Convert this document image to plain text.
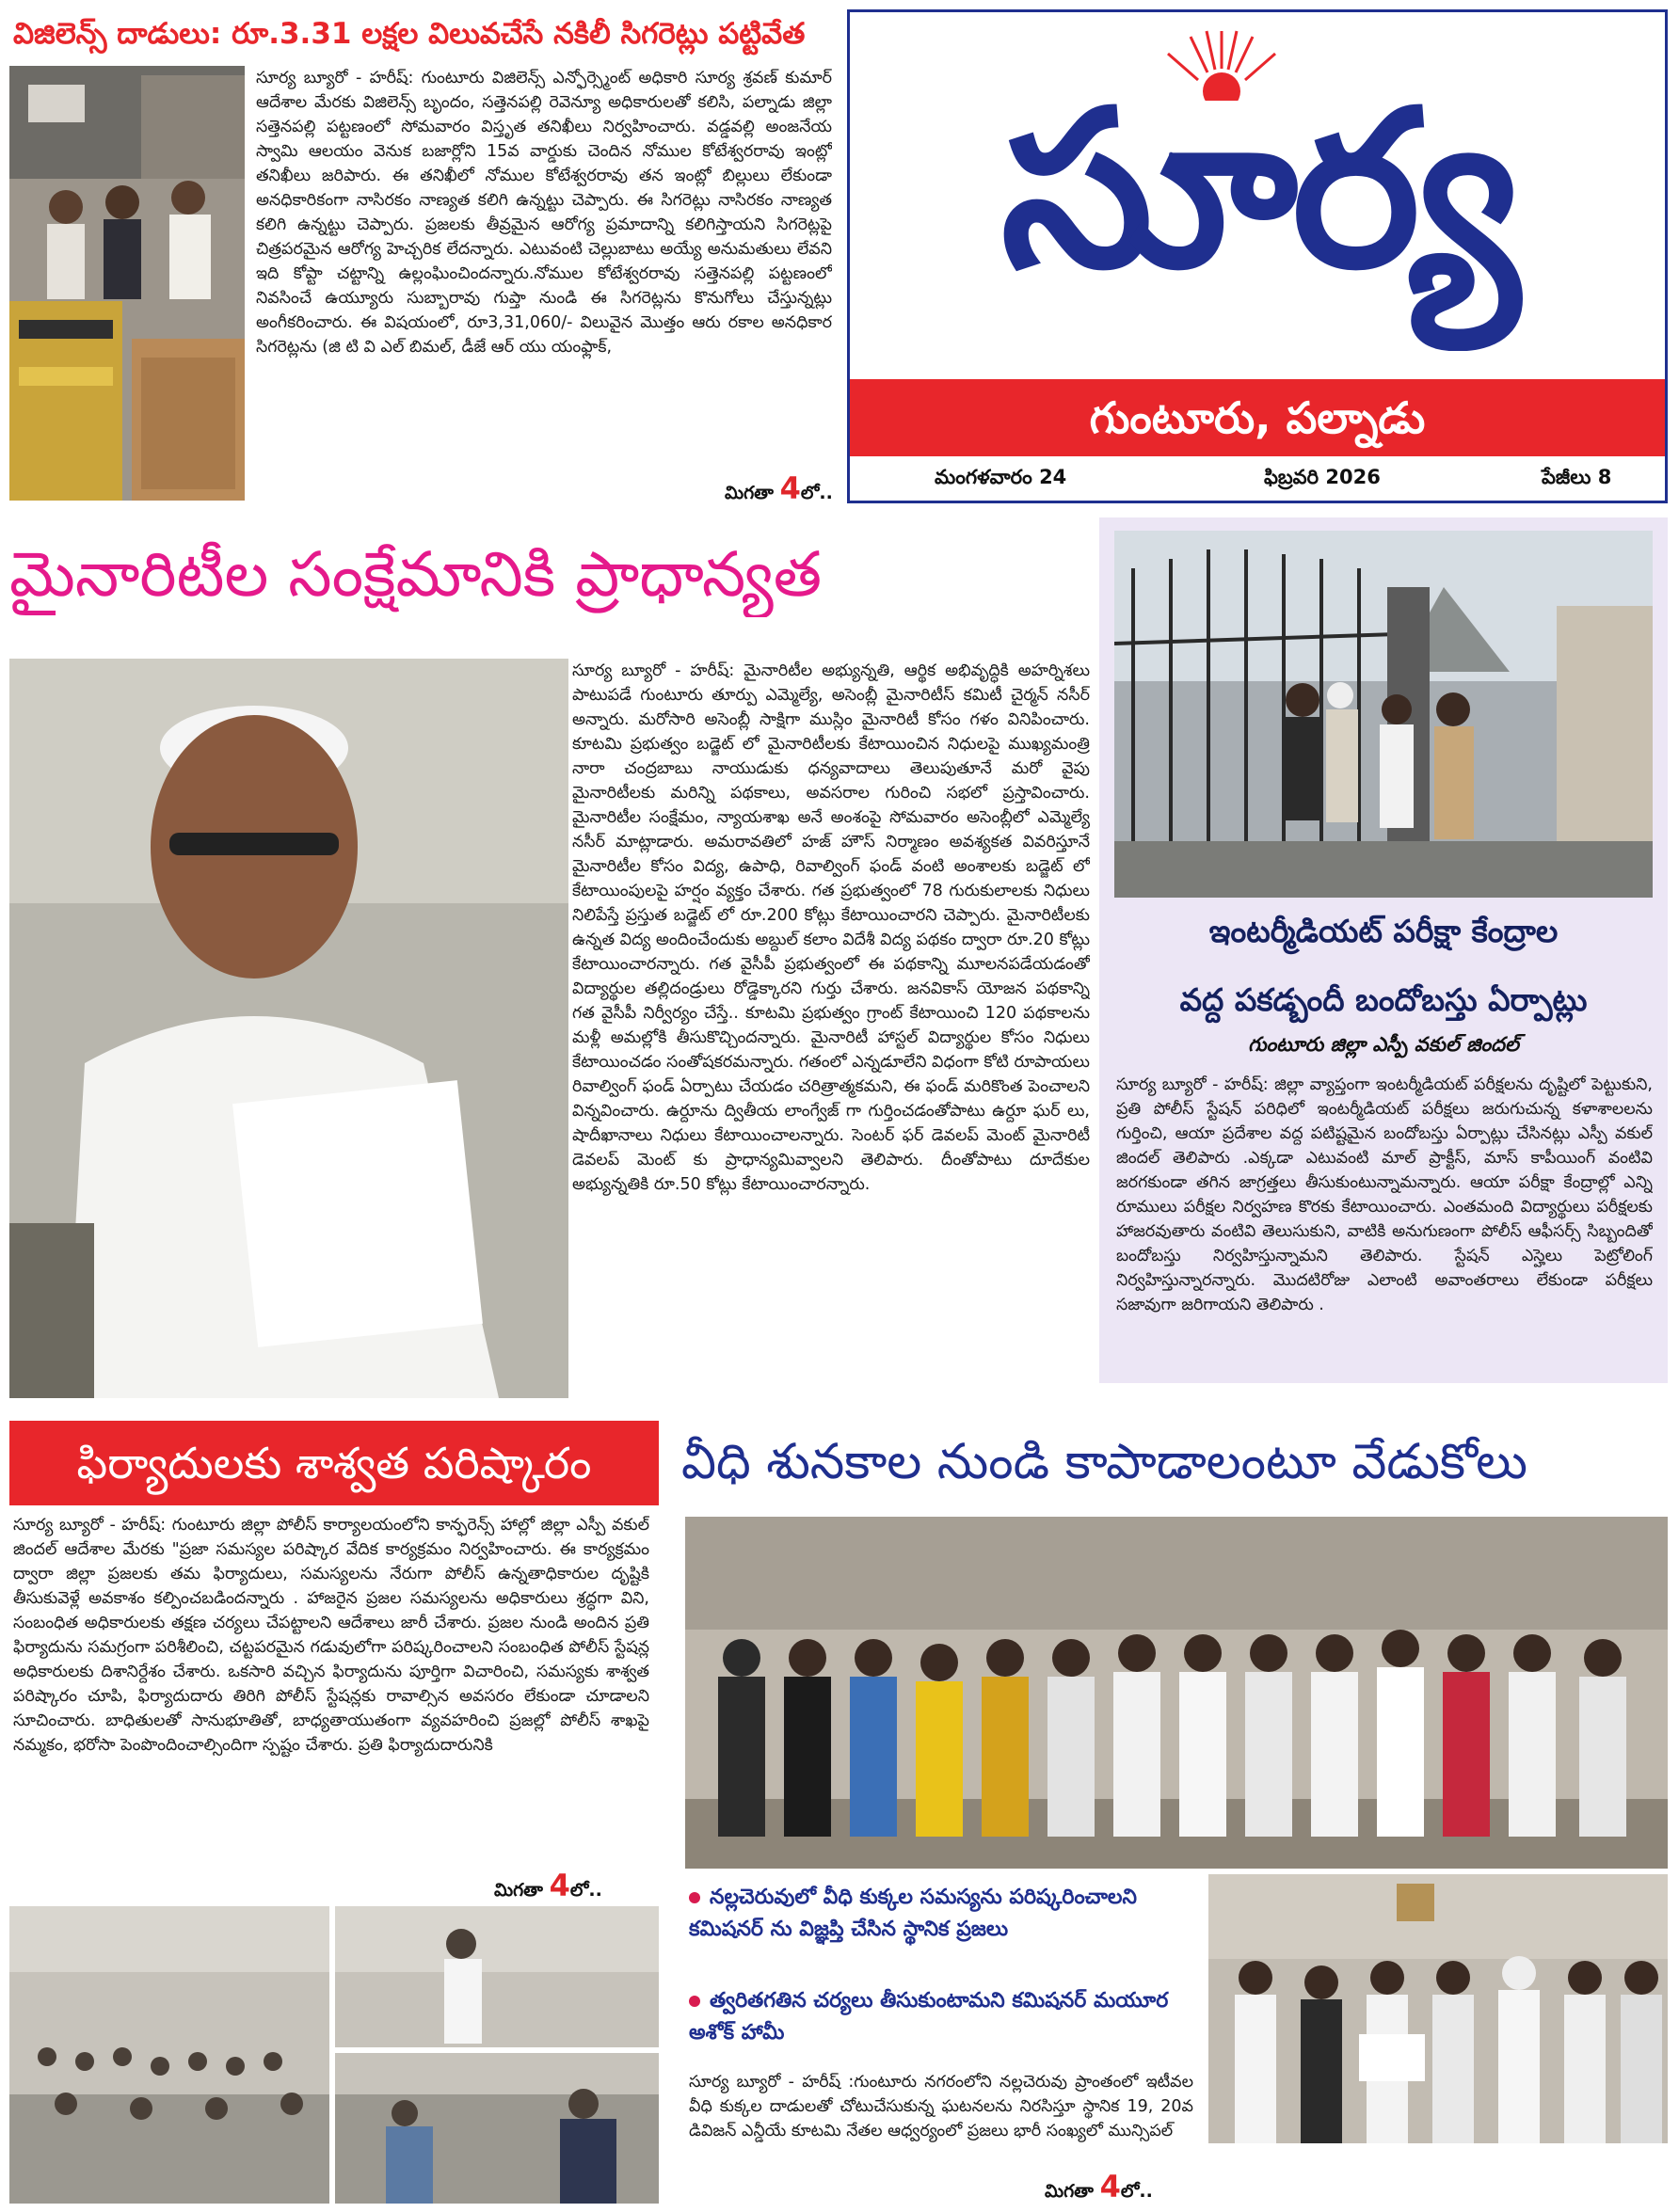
విజిలెన్స్ దాడులు: రూ.3.31 లక్షల విలువచేసే నకిలీ సిగరెట్లు పట్టివేత
సూర్య బ్యూరో - హరీష్: గుంటూరు విజిలెన్స్ ఎన్ఫోర్స్మెంట్ అధికారి సూర్య శ్రవణ్ కుమార్ ఆదేశాల మేరకు విజిలెన్స్ బృందం, సత్తెనపల్లి రెవెన్యూ అధికారులతో కలిసి, పల్నాడు జిల్లా సత్తెనపల్లి పట్టణంలో సోమవారం విస్తృత తనిఖీలు నిర్వహించారు. వడ్డవల్లి అంజనేయ స్వామి ఆలయం వెనుక బజార్లోని 15వ వార్డుకు చెందిన నోముల కోటేశ్వరరావు ఇంట్లో తనిఖీలు జరిపారు. ఈ తనిఖీలో నోముల కోటేశ్వరరావు తన ఇంట్లో బిల్లులు లేకుండా అనధికారికంగా నాసిరకం నాణ్యత కలిగి ఉన్నట్టు చెప్పారు. ఈ సిగరెట్లు నాసిరకం నాణ్యత కలిగి ఉన్నట్టు చెప్పారు. ప్రజలకు తీవ్రమైన ఆరోగ్య ప్రమాదాన్ని కలిగిస్తాయని సిగరెట్లపై చిత్రపరమైన ఆరోగ్య హెచ్చరిక లేదన్నారు. ఎటువంటి చెల్లుబాటు అయ్యే అనుమతులు లేవని ఇది కోప్టా చట్టాన్ని ఉల్లంఘించిందన్నారు.నోముల కోటేశ్వరరావు సత్తెనపల్లి పట్టణంలో నివసించే ఉయ్యూరు సుబ్బారావు గుప్తా నుండి ఈ సిగరెట్లను కొనుగోలు చేస్తున్నట్లు అంగీకరించారు. ఈ విషయంలో, రూ3,31,060/- విలువైన మొత్తం ఆరు రకాల అనధికార సిగరెట్లను (జి టి వి ఎల్ బిమల్, డీజే ఆర్ యు యంఫ్లాక్,
మిగతా 4లో..
సూర్య
గుంటూరు, పల్నాడు
మంగళవారం 24	ఫిబ్రవరి 2026	పేజీలు 8
మైనారిటీల సంక్షేమానికి ప్రాధాన్యత
సూర్య బ్యూరో - హరీష్: మైనారిటీల అభ్యున్నతి, ఆర్థిక అభివృద్ధికి అహర్నిశలు పాటుపడే గుంటూరు తూర్పు ఎమ్మెల్యే, అసెంబ్లీ మైనారిటీస్ కమిటీ చైర్మన్ నసీర్ అన్నారు. మరోసారి అసెంబ్లీ సాక్షిగా ముస్లిం మైనారిటీ కోసం గళం వినిపించారు. కూటమి ప్రభుత్వం బడ్జెట్ లో మైనారిటీలకు కేటాయించిన నిధులపై ముఖ్యమంత్రి నారా చంద్రబాబు నాయుడుకు ధన్యవాదాలు తెలుపుతూనే మరో వైపు మైనారిటీలకు మరిన్ని పథకాలు, అవసరాల గురించి సభలో ప్రస్తావించారు. మైనారిటీల సంక్షేమం, న్యాయశాఖ అనే అంశంపై సోమవారం అసెంబ్లీలో ఎమ్మెల్యే నసీర్ మాట్లాడారు. అమరావతిలో హజ్ హౌస్ నిర్మాణం అవశ్యకత వివరిస్తూనే మైనారిటీల కోసం విద్య, ఉపాధి, రివాల్వింగ్ ఫండ్ వంటి అంశాలకు బడ్జెట్ లో కేటాయింపులపై హర్షం వ్యక్తం చేశారు. గత ప్రభుత్వంలో 78 గురుకులాలకు నిధులు నిలిపేస్తే ప్రస్తుత బడ్జెట్ లో రూ.200 కోట్లు కేటాయించారని చెప్పారు. మైనారిటీలకు ఉన్నత విద్య అందించేందుకు అబ్దుల్ కలాం విదేశీ విద్య పథకం ద్వారా రూ.20 కోట్లు కేటాయించారన్నారు. గత వైసీపీ ప్రభుత్వంలో ఈ పథకాన్ని మూలనపడేయడంతో విద్యార్థుల తల్లిదండ్రులు రోడ్డెక్కారని గుర్తు చేశారు. జనవికాస్ యోజన పథకాన్ని గత వైసీపీ నిర్వీర్యం చేస్తే.. కూటమి ప్రభుత్వం గ్రాంట్ కేటాయించి 120 పథకాలను మళ్లీ అమల్లోకి తీసుకొచ్చిందన్నారు. మైనారిటీ హాస్టల్ విద్యార్థుల కోసం నిధులు కేటాయించడం సంతోషకరమన్నారు. గతంలో ఎన్నడూలేని విధంగా కోటి రూపాయలు రివాల్వింగ్ ఫండ్ ఏర్పాటు చేయడం చరిత్రాత్మకమని, ఈ ఫండ్ మరికొంత పెంచాలని విన్నవించారు. ఉర్దూను ద్వితీయ లాంగ్వేజ్ గా గుర్తించడంతోపాటు ఉర్దూ ఘర్ లు, షాదీఖానాలు నిధులు కేటాయించాలన్నారు. సెంటర్ ఫర్ డెవలప్ మెంట్ మైనారిటీ డెవలప్ మెంట్ కు ప్రాధాన్యమివ్వాలని తెలిపారు. దీంతోపాటు దూదేకుల అభ్యున్నతికి రూ.50 కోట్లు కేటాయించారన్నారు.
ఇంటర్మీడియట్ పరీక్షా కేంద్రాల
వద్ద పకడ్బందీ బందోబస్తు ఏర్పాట్లు
గుంటూరు జిల్లా ఎస్పీ వకుల్ జిందల్
సూర్య బ్యూరో - హరీష్: జిల్లా వ్యాప్తంగా ఇంటర్మీడియట్ పరీక్షలను దృష్టిలో పెట్టుకుని, ప్రతి పోలీస్ స్టేషన్ పరిధిలో ఇంటర్మీడియట్ పరీక్షలు జరుగుచున్న కళాశాలలను గుర్తించి, ఆయా ప్రదేశాల వద్ద పటిష్టమైన బందోబస్తు ఏర్పాట్లు చేసినట్లు ఎస్పీ వకుల్ జిందల్ తెలిపారు .ఎక్కడా ఎటువంటి మాల్ ప్రాక్టీస్, మాస్ కాపీయింగ్ వంటివి జరగకుండా తగిన జాగ్రత్తలు తీసుకుంటున్నామన్నారు. ఆయా పరీక్షా కేంద్రాల్లో ఎన్ని రూములు పరీక్షల నిర్వహణ కొరకు కేటాయించారు. ఎంతమంది విద్యార్థులు పరీక్షలకు హాజరవుతారు వంటివి తెలుసుకుని, వాటికి అనుగుణంగా పోలీస్ ఆఫీసర్స్ సిబ్బందితో బందోబస్తు నిర్వహిస్తున్నామని తెలిపారు. స్టేషన్ ఎస్హెలు పెట్రోలింగ్ నిర్వహిస్తున్నారన్నారు. మొదటిరోజు ఎలాంటి అవాంతరాలు లేకుండా పరీక్షలు సజావుగా జరిగాయని తెలిపారు .
ఫిర్యాదులకు శాశ్వత పరిష్కారం
సూర్య బ్యూరో - హరీష్: గుంటూరు జిల్లా పోలీస్ కార్యాలయంలోని కాన్ఫరెన్స్ హాల్లో జిల్లా ఎస్పీ వకుల్ జిందల్ ఆదేశాల మేరకు "ప్రజా సమస్యల పరిష్కార వేదిక కార్యక్రమం నిర్వహించారు. ఈ కార్యక్రమం ద్వారా జిల్లా ప్రజలకు తమ ఫిర్యాదులు, సమస్యలను నేరుగా పోలీస్ ఉన్నతాధికారుల దృష్టికి తీసుకువెళ్లే అవకాశం కల్పించబడిందన్నారు . హాజరైన ప్రజల సమస్యలను అధికారులు శ్రద్ధగా విని, సంబంధిత అధికారులకు తక్షణ చర్యలు చేపట్టాలని ఆదేశాలు జారీ చేశారు. ప్రజల నుండి అందిన ప్రతి ఫిర్యాదును సమగ్రంగా పరిశీలించి, చట్టపరమైన గడువులోగా పరిష్కరించాలని సంబంధిత పోలీస్ స్టేషన్ల అధికారులకు దిశానిర్దేశం చేశారు. ఒకసారి వచ్చిన ఫిర్యాదును పూర్తిగా విచారించి, సమస్యకు శాశ్వత పరిష్కారం చూపి, ఫిర్యాదుదారు తిరిగి పోలీస్ స్టేషన్లకు రావాల్సిన అవసరం లేకుండా చూడాలని సూచించారు. బాధితులతో సానుభూతితో, బాధ్యతాయుతంగా వ్యవహరించి ప్రజల్లో పోలీస్ శాఖపై నమ్మకం, భరోసా పెంపొందించాల్సిందిగా స్పష్టం చేశారు. ప్రతి ఫిర్యాదుదారునికి
మిగతా 4లో..
వీధి శునకాల నుండి కాపాడాలంటూ వేడుకోలు
నల్లచెరువులో వీధి కుక్కల సమస్యను పరిష్కరించాలని కమిషనర్ ను విజ్ఞప్తి చేసిన స్థానిక ప్రజలు
త్వరితగతిన చర్యలు తీసుకుంటామని కమిషనర్ మయూర అశోక్ హామీ
సూర్య బ్యూరో - హరీష్ :గుంటూరు నగరంలోని నల్లచెరువు ప్రాంతంలో ఇటీవల వీధి కుక్కల దాడులతో చోటుచేసుకున్న ఘటనలను నిరసిస్తూ స్థానిక 19, 20వ డివిజన్ ఎన్డీయే కూటమి నేతల ఆధ్వర్యంలో ప్రజలు భారీ సంఖ్యలో మున్సిపల్
మిగతా 4లో..
